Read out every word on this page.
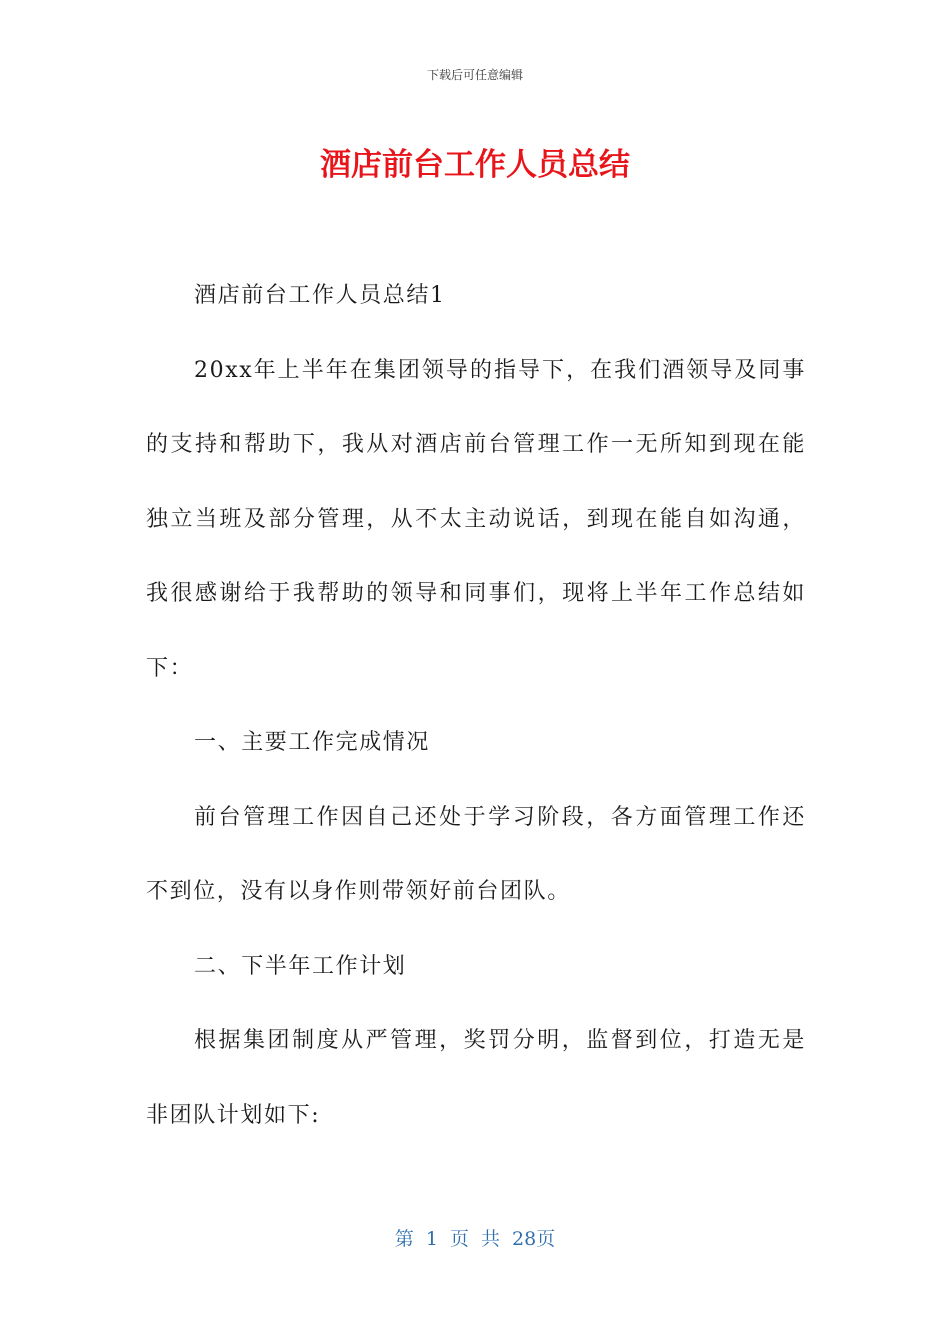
下载后可任意编辑
酒店前台工作人员总结

酒店前台工作人员总结1

20xx年上半年在集团领导的指导下，在我们酒领导及同事的支持和帮助下，我从对酒店前台管理工作一无所知到现在能独立当班及部分管理，从不太主动说话，到现在能自如沟通，我很感谢给于我帮助的领导和同事们，现将上半年工作总结如下：

一、主要工作完成情况

前台管理工作因自己还处于学习阶段，各方面管理工作还不到位，没有以身作则带领好前台团队。

二、下半年工作计划

根据集团制度从严管理，奖罚分明，监督到位，打造无是非团队计划如下:

第 1 页 共 28页
